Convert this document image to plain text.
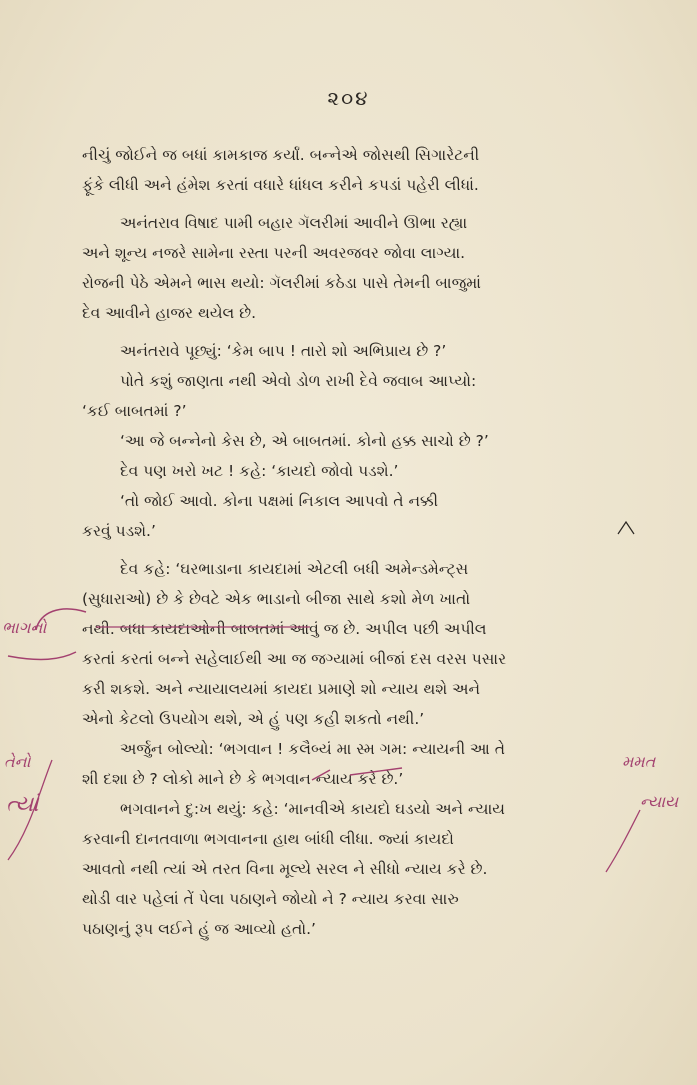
૨૦૪
નીચું જોઈને જ બધાં કામકાજ કર્યાં. બન્નેએ જોસથી સિગારેટની
ફૂંકે લીધી અને હંમેશ કરતાં વધારે ધાંધલ કરીને કપડાં પહેરી લીધાં.
અનંતરાવ વિષાદ પામી બહાર ગૅલરીમાં આવીને ઊભા રહ્યા
અને શૂન્ય નજરે સામેના રસ્તા પરની અવરજવર જોવા લાગ્યા.
રોજની પેઠે એમને ભાસ થયો: ગૅલરીમાં કઠેડા પાસે તેમની બાજુમાં
દેવ આવીને હાજર થયેલ છે.
અનંતરાવે પૂછ્યું: ‘કેમ બાપ ! તારો શો અભિપ્રાય છે ?’
પોતે કશું જાણતા નથી એવો ડોળ રાખી દેવે જવાબ આપ્યો:
‘કઈ બાબતમાં ?’
‘આ જે બન્નેનો કેસ છે, એ બાબતમાં. કોનો હક્ક સાચો છે ?’
દેવ પણ ખરો ખટ ! કહે: ‘કાયદો જોવો પડશે.’
‘તો જોઈ આવો. કોના પક્ષમાં નિકાલ આપવો તે નક્કી
કરવું પડશે.’
દેવ કહે: ‘ઘરભાડાના કાયદામાં એટલી બધી અમેન્ડમેન્ટ્સ
(સુધારાઓ) છે કે છેવટે એક ભાડાનો બીજા સાથે કશો મેળ ખાતો
નથી. બધા કાયદાઓની બાબતમાં આવું જ છે. અપીલ પછી અપીલ
કરતાં કરતાં બન્ને સહેલાઈથી આ જ જગ્યામાં બીજાં દસ વરસ પસાર
કરી શકશે. અને ન્યાયાલયમાં કાયદા પ્રમાણે શો ન્યાય થશે અને
એનો કેટલો ઉપયોગ થશે, એ હું પણ કહી શકતો નથી.’
અર્જુન બોલ્યો: ‘ભગવાન ! કલૈબ્યં મા સ્મ ગમ: ન્યાયની આ તે
શી દશા છે ? લોકો માને છે કે ભગવાન ન્યાય કરે છે.’
ભગવાનને દુ:ખ થયું: કહે: ‘માનવીએ કાયદો ઘડયો અને ન્યાય
કરવાની દાનતવાળા ભગવાનના હાથ બાંધી લીધા. જ્યાં કાયદો
આવતો નથી ત્યાં એ તરત વિના મૂલ્યે સરલ ને સીધો ન્યાય કરે છે.
થોડી વાર પહેલાં તેં પેલા પઠાણને જોયો ને ? ન્યાય કરવા સારુ
પઠાણનું રૂપ લઈને હું જ આવ્યો હતો.’
ભાગનો
તેનો
ત્યાં
મમત
ન્યાય
